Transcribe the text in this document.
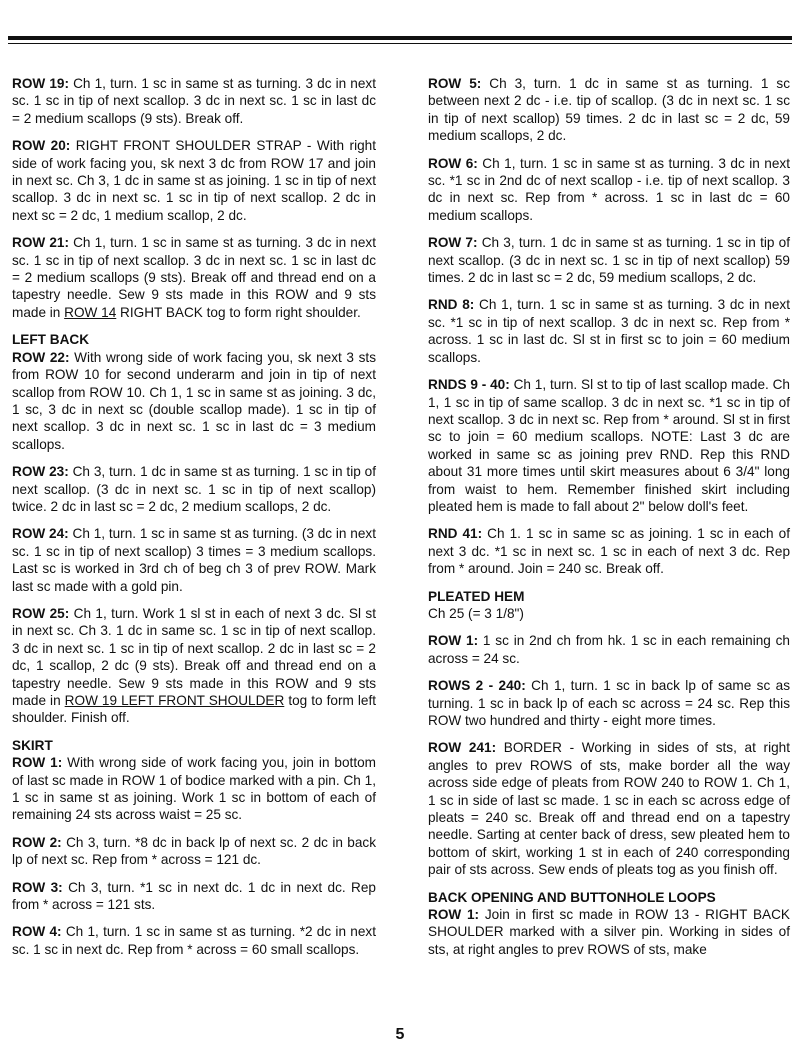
ROW 19: Ch 1, turn. 1 sc in same st as turning. 3 dc in next sc. 1 sc in tip of next scallop. 3 dc in next sc. 1 sc in last dc = 2 medium scallops (9 sts). Break off.

ROW 20: RIGHT FRONT SHOULDER STRAP - With right side of work facing you, sk next 3 dc from ROW 17 and join in next sc. Ch 3, 1 dc in same st as joining. 1 sc in tip of next scallop. 3 dc in next sc. 1 sc in tip of next scallop. 2 dc in next sc = 2 dc, 1 medium scallop, 2 dc.

ROW 21: Ch 1, turn. 1 sc in same st as turning. 3 dc in next sc. 1 sc in tip of next scallop. 3 dc in next sc. 1 sc in last dc = 2 medium scallops (9 sts). Break off and thread end on a tapestry needle. Sew 9 sts made in this ROW and 9 sts made in ROW 14 RIGHT BACK tog to form right shoulder.

LEFT BACK

ROW 22: With wrong side of work facing you, sk next 3 sts from ROW 10 for second underarm and join in tip of next scallop from ROW 10. Ch 1, 1 sc in same st as joining. 3 dc, 1 sc, 3 dc in next sc (double scallop made). 1 sc in tip of next scallop. 3 dc in next sc. 1 sc in last dc = 3 medium scallops.

ROW 23: Ch 3, turn. 1 dc in same st as turning. 1 sc in tip of next scallop. (3 dc in next sc. 1 sc in tip of next scallop) twice. 2 dc in last sc = 2 dc, 2 medium scallops, 2 dc.

ROW 24: Ch 1, turn. 1 sc in same st as turning. (3 dc in next sc. 1 sc in tip of next scallop) 3 times = 3 medium scallops. Last sc is worked in 3rd ch of beg ch 3 of prev ROW. Mark last sc made with a gold pin.

ROW 25: Ch 1, turn. Work 1 sl st in each of next 3 dc. Sl st in next sc. Ch 3. 1 dc in same sc. 1 sc in tip of next scallop. 3 dc in next sc. 1 sc in tip of next scallop. 2 dc in last sc = 2 dc, 1 scallop, 2 dc (9 sts). Break off and thread end on a tapestry needle. Sew 9 sts made in this ROW and 9 sts made in ROW 19 LEFT FRONT SHOULDER tog to form left shoulder. Finish off.

SKIRT

ROW 1: With wrong side of work facing you, join in bottom of last sc made in ROW 1 of bodice marked with a pin. Ch 1, 1 sc in same st as joining. Work 1 sc in bottom of each of remaining 24 sts across waist = 25 sc.

ROW 2: Ch 3, turn. *8 dc in back lp of next sc. 2 dc in back lp of next sc. Rep from * across = 121 dc.

ROW 3: Ch 3, turn. *1 sc in next dc. 1 dc in next dc. Rep from * across = 121 sts.

ROW 4: Ch 1, turn. 1 sc in same st as turning. *2 dc in next sc. 1 sc in next dc. Rep from * across = 60 small scallops.

ROW 5: Ch 3, turn. 1 dc in same st as turning. 1 sc between next 2 dc - i.e. tip of scallop. (3 dc in next sc. 1 sc in tip of next scallop) 59 times. 2 dc in last sc = 2 dc, 59 medium scallops, 2 dc.

ROW 6: Ch 1, turn. 1 sc in same st as turning. 3 dc in next sc. *1 sc in 2nd dc of next scallop - i.e. tip of next scallop. 3 dc in next sc. Rep from * across. 1 sc in last dc = 60 medium scallops.

ROW 7: Ch 3, turn. 1 dc in same st as turning. 1 sc in tip of next scallop. (3 dc in next sc. 1 sc in tip of next scallop) 59 times. 2 dc in last sc = 2 dc, 59 medium scallops, 2 dc.

RND 8: Ch 1, turn. 1 sc in same st as turning. 3 dc in next sc. *1 sc in tip of next scallop. 3 dc in next sc. Rep from * across. 1 sc in last dc. Sl st in first sc to join = 60 medium scallops.

RNDS 9 - 40: Ch 1, turn. Sl st to tip of last scallop made. Ch 1, 1 sc in tip of same scallop. 3 dc in next sc. *1 sc in tip of next scallop. 3 dc in next sc. Rep from * around. Sl st in first sc to join = 60 medium scallops. NOTE: Last 3 dc are worked in same sc as joining prev RND. Rep this RND about 31 more times until skirt measures about 6 3/4" long from waist to hem. Remember finished skirt including pleated hem is made to fall about 2" below doll's feet.

RND 41: Ch 1. 1 sc in same sc as joining. 1 sc in each of next 3 dc. *1 sc in next sc. 1 sc in each of next 3 dc. Rep from * around. Join = 240 sc. Break off.

PLEATED HEM

Ch 25 (= 3 1/8")

ROW 1: 1 sc in 2nd ch from hk. 1 sc in each remaining ch across = 24 sc.

ROWS 2 - 240: Ch 1, turn. 1 sc in back lp of same sc as turning. 1 sc in back lp of each sc across = 24 sc. Rep this ROW two hundred and thirty - eight more times.

ROW 241: BORDER - Working in sides of sts, at right angles to prev ROWS of sts, make border all the way across side edge of pleats from ROW 240 to ROW 1. Ch 1, 1 sc in side of last sc made. 1 sc in each sc across edge of pleats = 240 sc. Break off and thread end on a tapestry needle. Sarting at center back of dress, sew pleated hem to bottom of skirt, working 1 st in each of 240 corresponding pair of sts across. Sew ends of pleats tog as you finish off.

BACK OPENING AND BUTTONHOLE LOOPS

ROW 1: Join in first sc made in ROW 13 - RIGHT BACK SHOULDER marked with a silver pin. Working in sides of sts, at right angles to prev ROWS of sts, make

5
